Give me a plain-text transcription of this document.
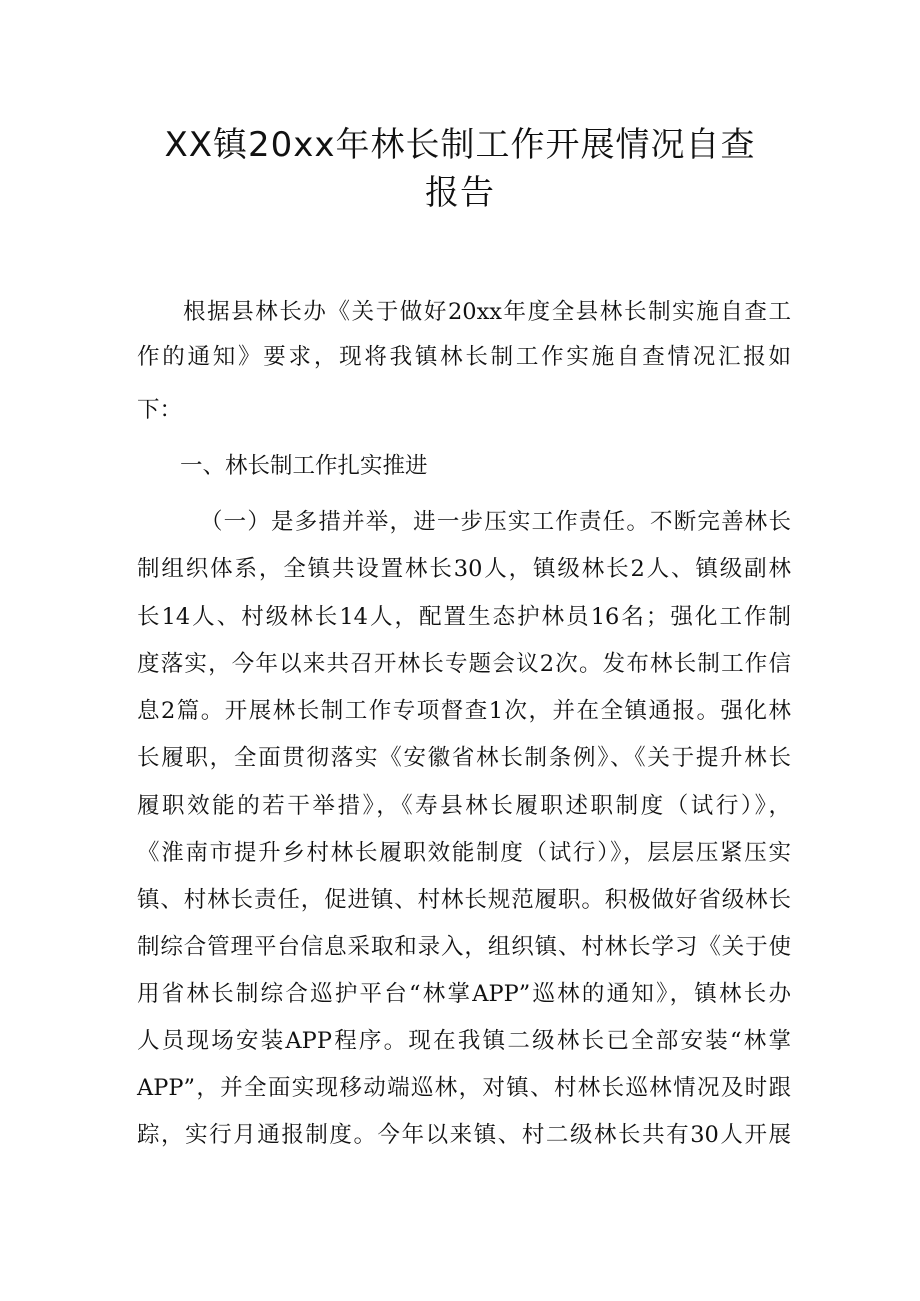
XX镇20xx年林长制工作开展情况自查
报告
根据县林长办《关于做好20xx年度全县林长制实施自查工
作的通知》要求，现将我镇林长制工作实施自查情况汇报如
下：
一、林长制工作扎实推进
（一）是多措并举，进一步压实工作责任。不断完善林长
制组织体系，全镇共设置林长30人，镇级林长2人、镇级副林
长14人、村级林长14人，配置生态护林员16名；强化工作制
度落实，今年以来共召开林长专题会议2次。发布林长制工作信
息2篇。开展林长制工作专项督查1次，并在全镇通报。强化林
长履职，全面贯彻落实《安徽省林长制条例》、《关于提升林长
履职效能的若干举措》，《寿县林长履职述职制度（试行）》，
《淮南市提升乡村林长履职效能制度（试行）》，层层压紧压实
镇、村林长责任，促进镇、村林长规范履职。积极做好省级林长
制综合管理平台信息采取和录入，组织镇、村林长学习《关于使
用省林长制综合巡护平台“林掌APP”巡林的通知》，镇林长办
人员现场安装APP程序。现在我镇二级林长已全部安装“林掌
APP”，并全面实现移动端巡林，对镇、村林长巡林情况及时跟
踪，实行月通报制度。今年以来镇、村二级林长共有30人开展
